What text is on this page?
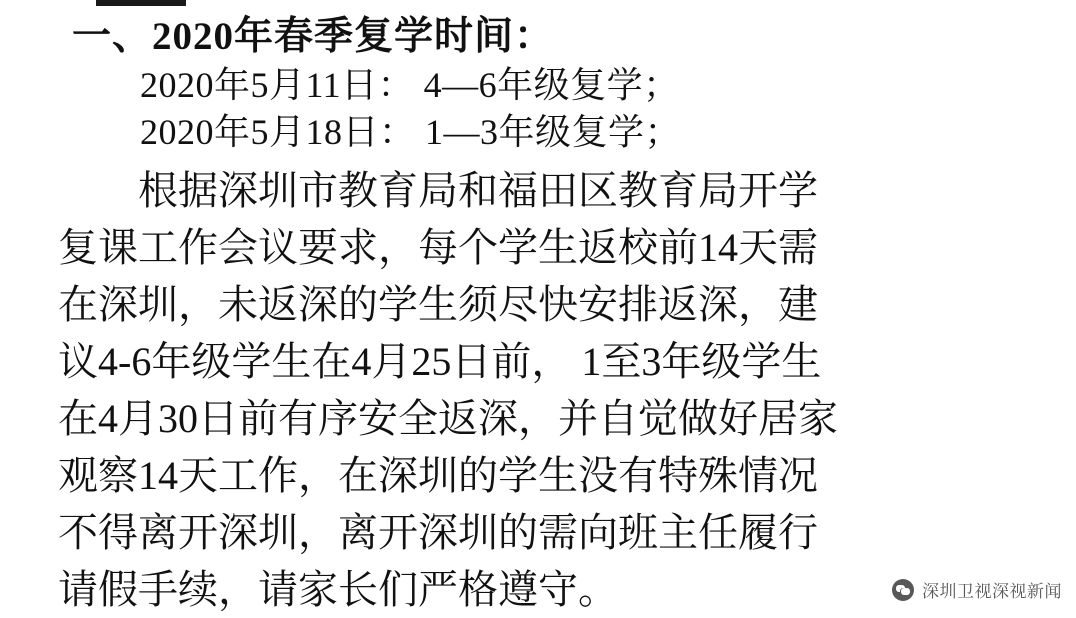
一、2020年春季复学时间：
2020年5月11日： 4—6年级复学；
2020年5月18日： 1—3年级复学；
根据深圳市教育局和福田区教育局开学
复课工作会议要求，每个学生返校前14天需
在深圳，未返深的学生须尽快安排返深，建
议4-6年级学生在4月25日前， 1至3年级学生
在4月30日前有序安全返深，并自觉做好居家
观察14天工作，在深圳的学生没有特殊情况
不得离开深圳，离开深圳的需向班主任履行
请假手续，请家长们严格遵守。	深圳卫视深视新闻
